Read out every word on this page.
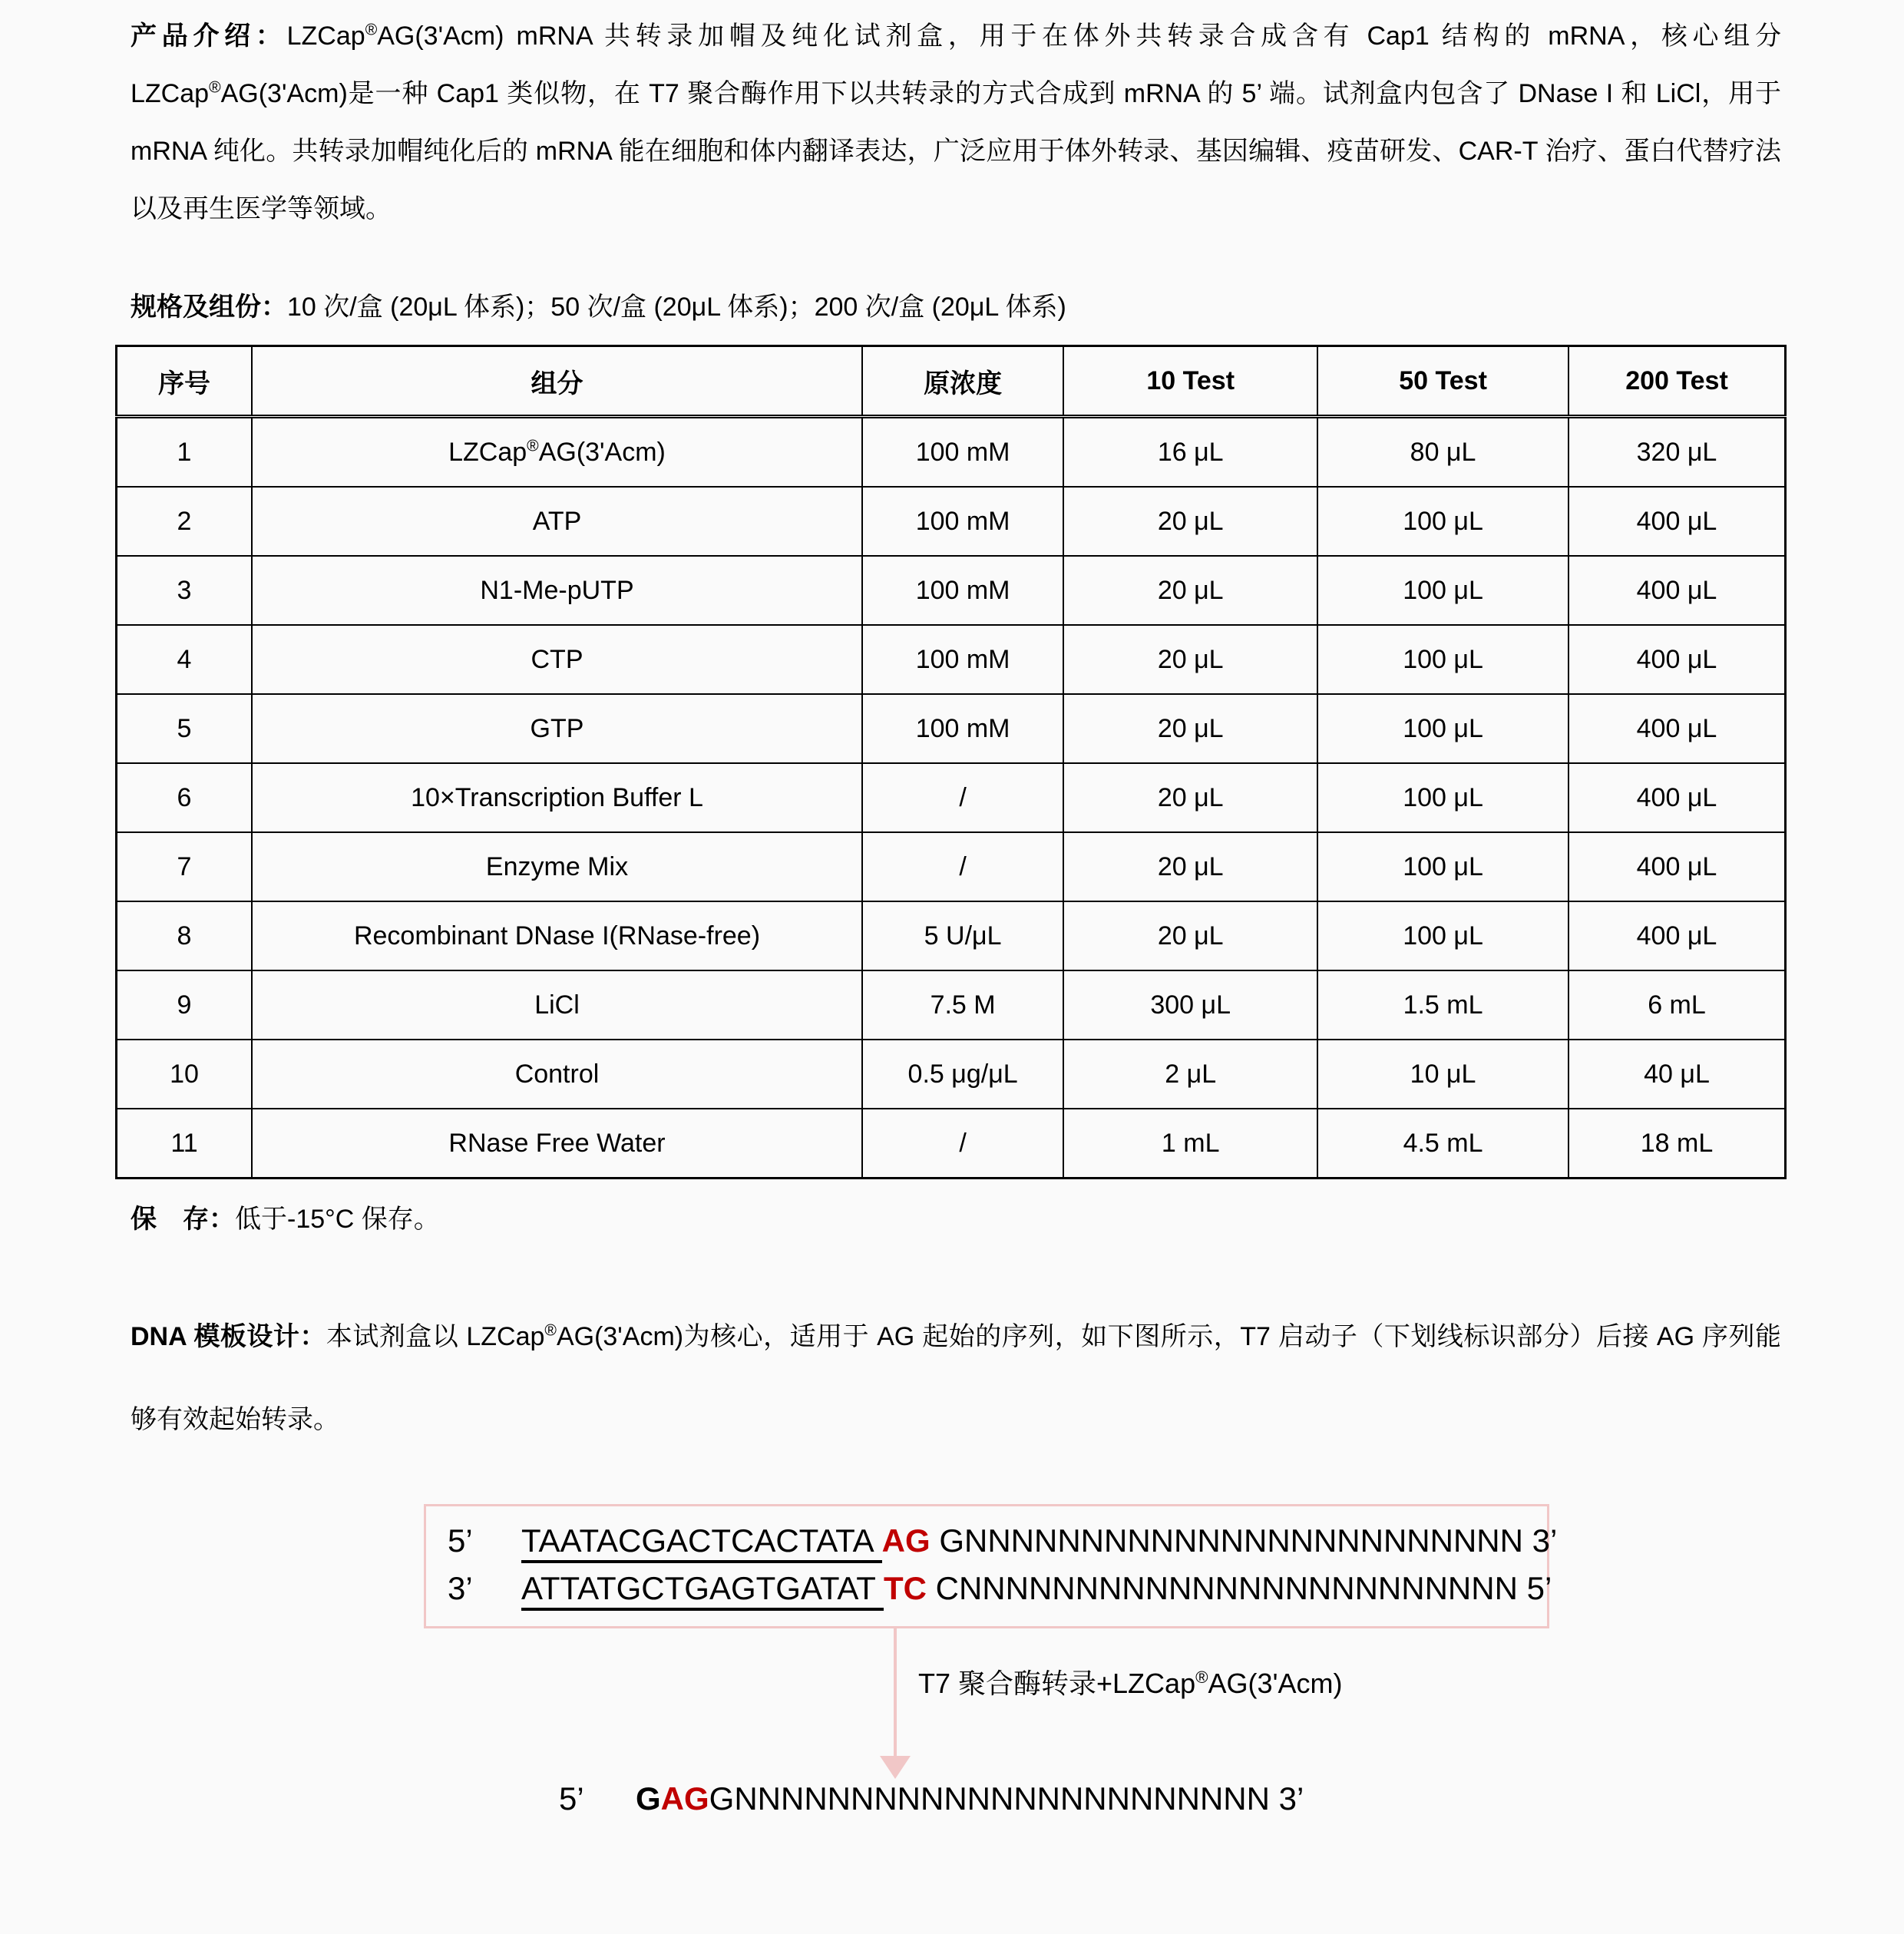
产品介绍：LZCap®AG(3'Acm) mRNA 共转录加帽及纯化试剂盒，用于在体外共转录合成含有 Cap1 结构的 mRNA，核心组分 LZCap®AG(3'Acm)是一种 Cap1 类似物，在 T7 聚合酶作用下以共转录的方式合成到 mRNA 的 5’ 端。试剂盒内包含了 DNase I 和 LiCl，用于 mRNA 纯化。共转录加帽纯化后的 mRNA 能在细胞和体内翻译表达，广泛应用于体外转录、基因编辑、疫苗研发、CAR-T 治疗、蛋白代替疗法以及再生医学等领域。

规格及组份：10 次/盒 (20μL 体系)；50 次/盒 (20μL 体系)；200 次/盒 (20μL 体系)

序号	组分	原浓度	10 Test	50 Test	200 Test
1	LZCap®AG(3'Acm)	100 mM	16 μL	80 μL	320 μL
2	ATP	100 mM	20 μL	100 μL	400 μL
3	N1-Me-pUTP	100 mM	20 μL	100 μL	400 μL
4	CTP	100 mM	20 μL	100 μL	400 μL
5	GTP	100 mM	20 μL	100 μL	400 μL
6	10×Transcription Buffer L	/	20 μL	100 μL	400 μL
7	Enzyme Mix	/	20 μL	100 μL	400 μL
8	Recombinant DNase I(RNase-free)	5 U/μL	20 μL	100 μL	400 μL
9	LiCl	7.5 M	300 μL	1.5 mL	6 mL
10	Control	0.5 μg/μL	2 μL	10 μL	40 μL
11	RNase Free Water	/	1 mL	4.5 mL	18 mL

保　存：低于-15°C 保存。

DNA 模板设计：本试剂盒以 LZCap®AG(3'Acm)为核心，适用于 AG 起始的序列，如下图所示，T7 启动子（下划线标识部分）后接 AG 序列能够有效起始转录。

5’ TAATACGACTCACTATA AG GNNNNNNNNNNNNNNNNNNNNNNNN 3’
3’ ATTATGCTGAGTGATAT TC CNNNNNNNNNNNNNNNNNNNNNNNN 5’
T7 聚合酶转录+LZCap®AG(3'Acm)
5’ GAGGNNNNNNNNNNNNNNNNNNNNNNN 3’
